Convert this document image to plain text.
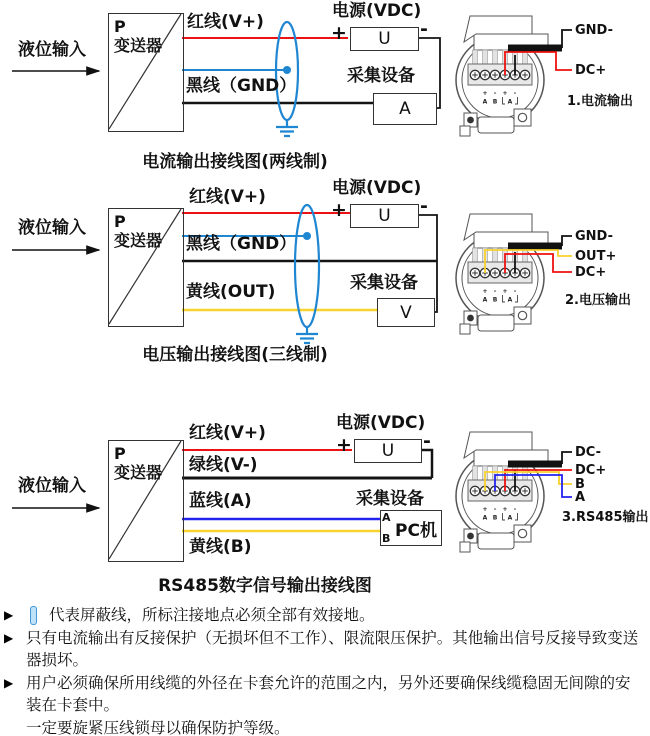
液位输入
P
变送器
红线(V+)
黑线（GND）
电源(VDC)
+	U	-
采集设备
A
GND-
DC+
1.电流输出
电流输出接线图(两线制)
液位输入	P
变送器
红线(V+)
黑线（GND）
黄线(OUT)
电源(VDC)
+	U	-
采集设备
V
GND-
OUT+
DC+
2.电压输出
电压输出接线图(三线制)
液位输入
P
变送器
红线(V+)
绿线(V-)
蓝线(A)
黄线(B)
电源(VDC)
+	U	-
采集设备
A
B PC机
DC-
DC+
B
A
3.RS485输出
RS485数字信号输出接线图
▶	代表屏蔽线，所标注接地点必须全部有效接地。
▶ 只有电流输出有反接保护（无损坏但不工作）、限流限压保护。其他输出信号反接导致变送器损坏。
▶ 用户必须确保所用线缆的外径在卡套允许的范围之内，另外还要确保线缆稳固无间隙的安装在卡套中。
一定要旋紧压线锁母以确保防护等级。
